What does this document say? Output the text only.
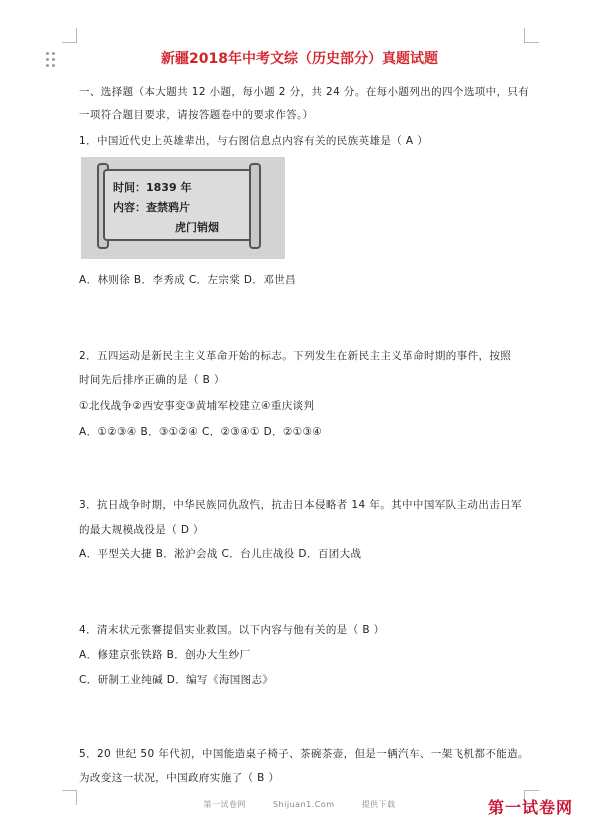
新疆2018年中考文综（历史部分）真题试题
一、选择题（本大题共 12 小题，每小题 2 分，共 24 分。在每小题列出的四个选项中，只有
一项符合题目要求，请按答题卷中的要求作答。）
1．中国近代史上英雄辈出，与右图信息点内容有关的民族英雄是（ A ）
时间：1839 年
内容：查禁鸦片
虎门销烟
A．林则徐 B．李秀成 C．左宗棠 D．邓世昌
2．五四运动是新民主主义革命开始的标志。下列发生在新民主主义革命时期的事件，按照
时间先后排序正确的是（ B ）
①北伐战争②西安事变③黄埔军校建立④重庆谈判
A．①②③④ B．③①②④ C．②③④① D．②①③④
3．抗日战争时期，中华民族同仇敌忾，抗击日本侵略者 14 年。其中中国军队主动出击日军
的最大规模战役是（ D ）
A．平型关大捷 B．淞沪会战 C．台儿庄战役 D．百团大战
4．清末状元张謇提倡实业救国。以下内容与他有关的是（ B ）
A．修建京张铁路 B．创办大生纱厂
C．研制工业纯碱 D．编写《海国图志》
5．20 世纪 50 年代初，中国能造桌子椅子、茶碗茶壶，但是一辆汽车、一架飞机都不能造。
为改变这一状况，中国政府实施了（ B ）
第一试卷网	Shijuan1.Com	提供下载	第一试卷网
